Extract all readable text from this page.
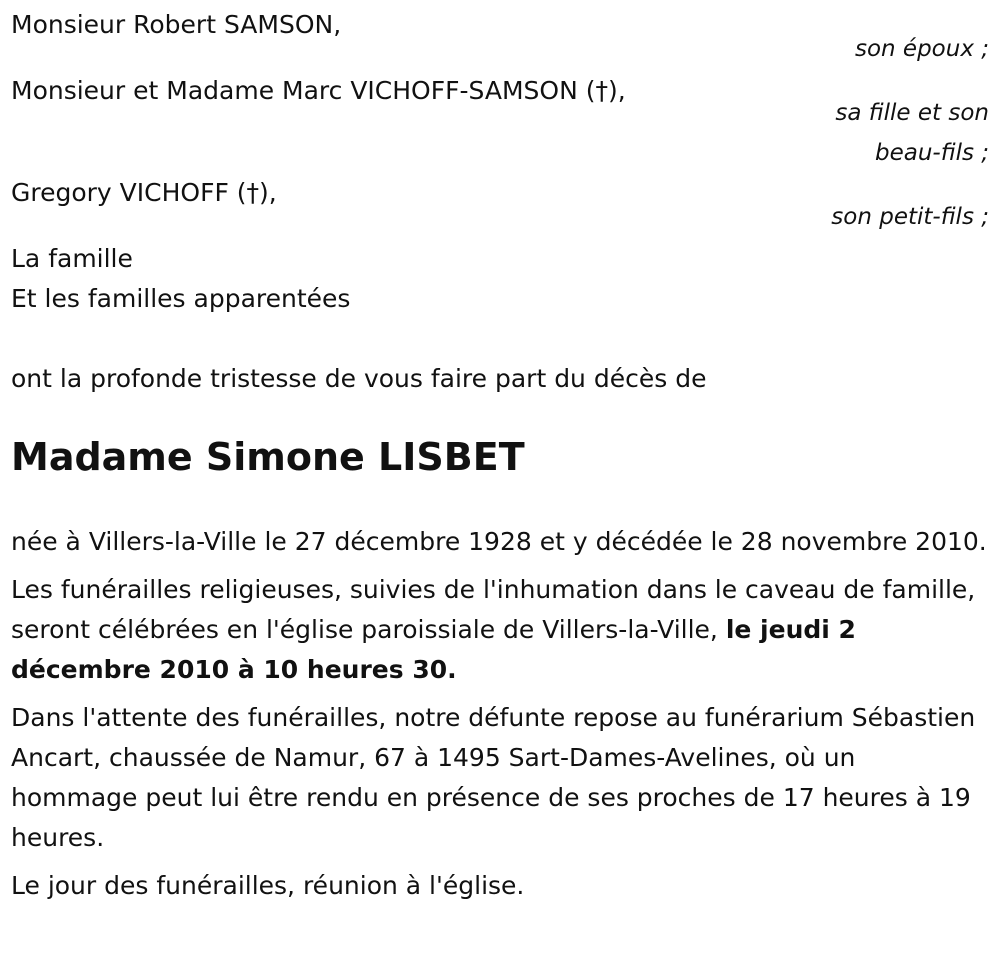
Monsieur Robert SAMSON,
son époux ;
Monsieur et Madame Marc VICHOFF-SAMSON (†),
sa fille et son
beau-fils ;
Gregory VICHOFF (†),
son petit-fils ;
La famille
Et les familles apparentées
ont la profonde tristesse de vous faire part du décès de
Madame Simone LISBET

née à Villers-la-Ville le 27 décembre 1928 et y décédée le 28 novembre 2010.

Les funérailles religieuses, suivies de l'inhumation dans le caveau de famille, seront célébrées en l'église paroissiale de Villers-la-Ville, le jeudi 2 décembre 2010 à 10 heures 30.

Dans l'attente des funérailles, notre défunte repose au funérarium Sébastien Ancart, chaussée de Namur, 67 à 1495 Sart-Dames-Avelines, où un hommage peut lui être rendu en présence de ses proches de 17 heures à 19 heures.

Le jour des funérailles, réunion à l'église.
